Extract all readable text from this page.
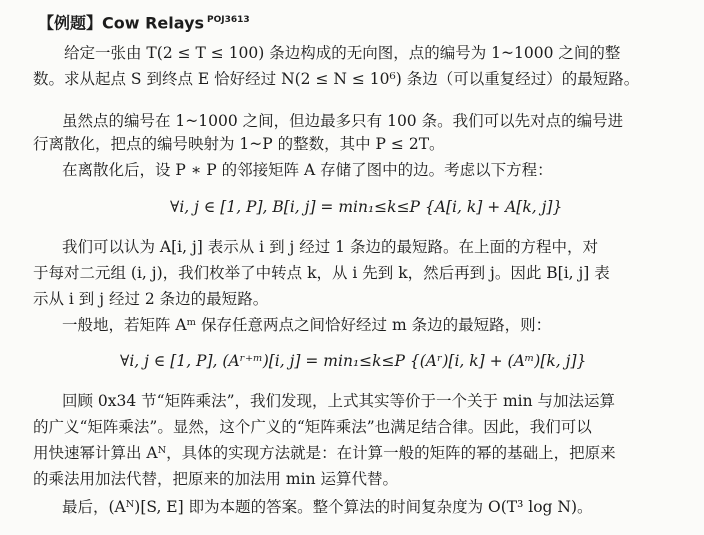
【例题】Cow Relays $^{POJ3613}$
给定一张由 T(2 ≤ T ≤ 100) 条边构成的无向图，点的编号为 1~1000 之间的整
数。求从起点 S 到终点 E 恰好经过 N(2 ≤ N ≤ 10⁶) 条边（可以重复经过）的最短路。
虽然点的编号在 1~1000 之间，但边最多只有 100 条。我们可以先对点的编号进
行离散化，把点的编号映射为 1~P 的整数，其中 P ≤ 2T。
在离散化后，设 P ∗ P 的邻接矩阵 A 存储了图中的边。考虑以下方程：
∀i, j ∈ [1, P], B[i, j] = min₁≤k≤P {A[i, k] + A[k, j]}
我们可以认为 A[i, j] 表示从 i 到 j 经过 1 条边的最短路。在上面的方程中，对
于每对二元组 (i, j)，我们枚举了中转点 k，从 i 先到 k，然后再到 j。因此 B[i, j] 表
示从 i 到 j 经过 2 条边的最短路。
一般地，若矩阵 Aᵐ 保存任意两点之间恰好经过 m 条边的最短路，则：
∀i, j ∈ [1, P], (Aʳ⁺ᵐ)[i, j] = min₁≤k≤P {(Aʳ)[i, k] + (Aᵐ)[k, j]}
回顾 0x34 节“矩阵乘法”，我们发现，上式其实等价于一个关于 min 与加法运算
的广义“矩阵乘法”。显然，这个广义的“矩阵乘法”也满足结合律。因此，我们可以
用快速幂计算出 Aᴺ，具体的实现方法就是：在计算一般的矩阵的幂的基础上，把原来
的乘法用加法代替，把原来的加法用 min 运算代替。
最后，(Aᴺ)[S, E] 即为本题的答案。整个算法的时间复杂度为 O(T³ log N)。
